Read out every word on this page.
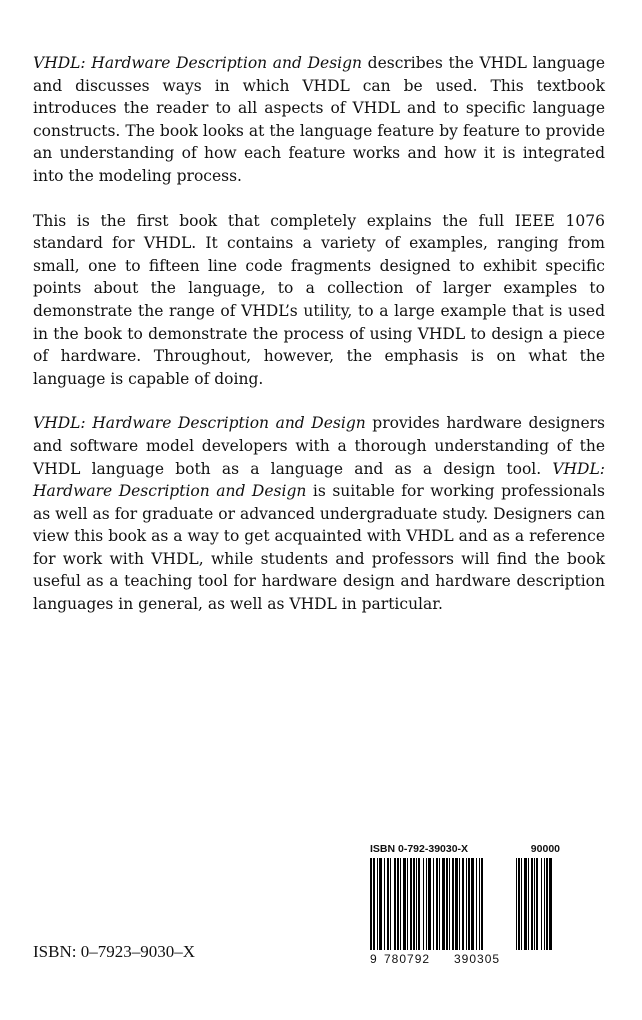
VHDL: Hardware Description and Design describes the VHDL language and discusses ways in which VHDL can be used. This textbook introduces the reader to all aspects of VHDL and to specific language constructs. The book looks at the language feature by feature to provide an understanding of how each feature works and how it is integrated into the modeling process.

This is the first book that completely explains the full IEEE 1076 standard for VHDL. It contains a variety of examples, ranging from small, one to fifteen line code fragments designed to exhibit specific points about the language, to a collection of larger examples to demonstrate the range of VHDL’s utility, to a large example that is used in the book to demonstrate the process of using VHDL to design a piece of hardware. Throughout, however, the emphasis is on what the language is capable of doing.

VHDL: Hardware Description and Design provides hardware designers and software model developers with a thorough understanding of the VHDL language both as a language and as a design tool. VHDL: Hardware Description and Design is suitable for working professionals as well as for graduate or advanced undergraduate study. Designers can view this book as a way to get acquainted with VHDL and as a reference for work with VHDL, while students and professors will find the book useful as a teaching tool for hardware design and hardware description languages in general, as well as VHDL in particular.

ISBN 0-792-39030-X	90000
9 780792	390305
ISBN: 0–7923–9030–X
